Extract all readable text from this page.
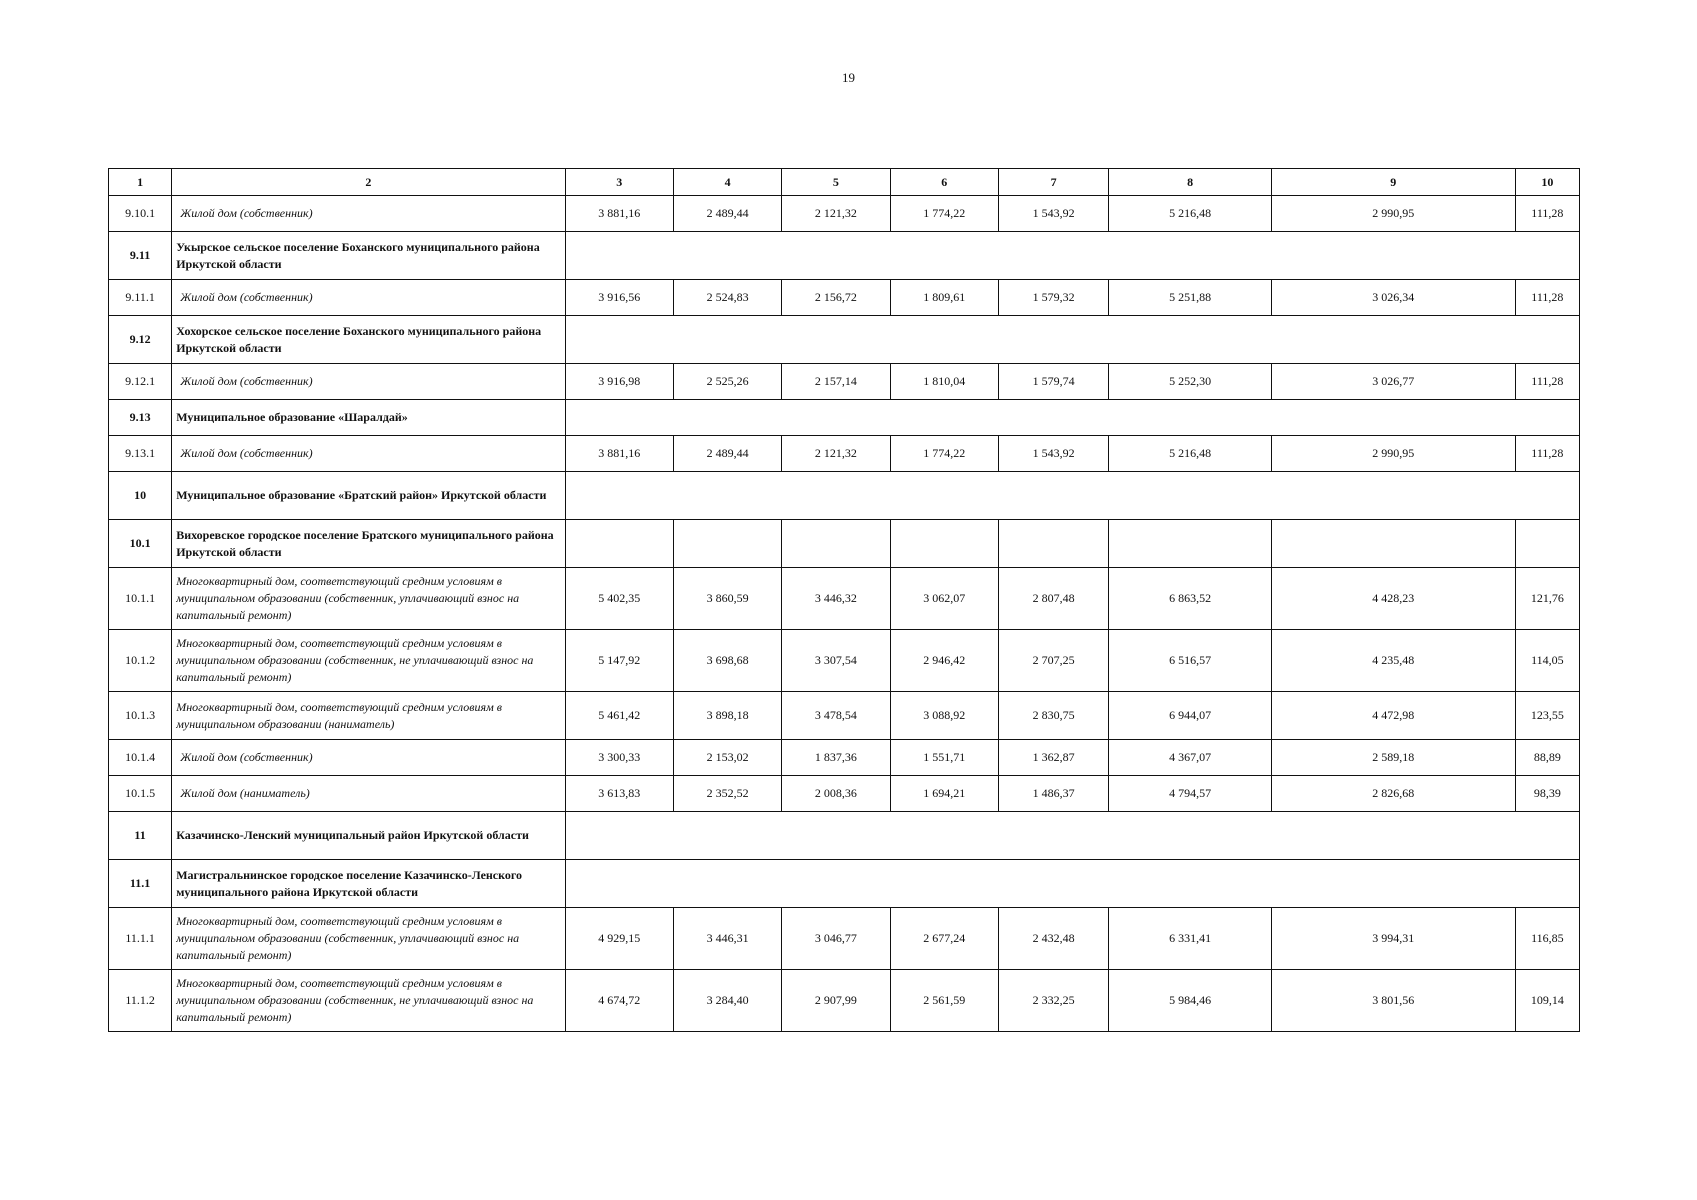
19
1	2	3	4	5	6	7	8	9	10
9.10.1	Жилой дом (собственник)	3 881,16	2 489,44	2 121,32	1 774,22	1 543,92	5 216,48	2 990,95	111,28
9.11	Укырское сельское поселение Боханского муниципального района Иркутской области								
9.11.1	Жилой дом (собственник)	3 916,56	2 524,83	2 156,72	1 809,61	1 579,32	5 251,88	3 026,34	111,28
9.12	Хохорское сельское поселение Боханского муниципального района Иркутской области								
9.12.1	Жилой дом (собственник)	3 916,98	2 525,26	2 157,14	1 810,04	1 579,74	5 252,30	3 026,77	111,28
9.13	Муниципальное образование «Шаралдай»								
9.13.1	Жилой дом (собственник)	3 881,16	2 489,44	2 121,32	1 774,22	1 543,92	5 216,48	2 990,95	111,28
10	Муниципальное образование «Братский район» Иркутской области								
10.1	Вихоревское городское поселение Братского муниципального района Иркутской области								
10.1.1	Многоквартирный дом, соответствующий средним условиям в муниципальном образовании (собственник, уплачивающий взнос на капитальный ремонт)	5 402,35	3 860,59	3 446,32	3 062,07	2 807,48	6 863,52	4 428,23	121,76
10.1.2	Многоквартирный дом, соответствующий средним условиям в муниципальном образовании (собственник, не уплачивающий взнос на капитальный ремонт)	5 147,92	3 698,68	3 307,54	2 946,42	2 707,25	6 516,57	4 235,48	114,05
10.1.3	Многоквартирный дом, соответствующий средним условиям в муниципальном образовании (наниматель)	5 461,42	3 898,18	3 478,54	3 088,92	2 830,75	6 944,07	4 472,98	123,55
10.1.4	Жилой дом (собственник)	3 300,33	2 153,02	1 837,36	1 551,71	1 362,87	4 367,07	2 589,18	88,89
10.1.5	Жилой дом (наниматель)	3 613,83	2 352,52	2 008,36	1 694,21	1 486,37	4 794,57	2 826,68	98,39
11	Казачинско-Ленский муниципальный район Иркутской области								
11.1	Магистральнинское городское поселение Казачинско-Ленского муниципального района Иркутской области								
11.1.1	Многоквартирный дом, соответствующий средним условиям в муниципальном образовании (собственник, уплачивающий взнос на капитальный ремонт)	4 929,15	3 446,31	3 046,77	2 677,24	2 432,48	6 331,41	3 994,31	116,85
11.1.2	Многоквартирный дом, соответствующий средним условиям в муниципальном образовании (собственник, не уплачивающий взнос на капитальный ремонт)	4 674,72	3 284,40	2 907,99	2 561,59	2 332,25	5 984,46	3 801,56	109,14
